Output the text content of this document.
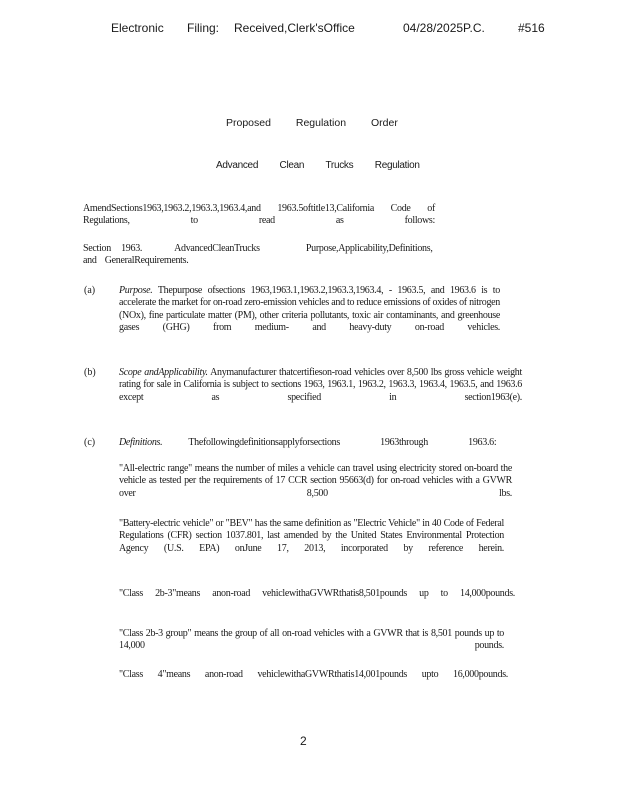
Electronic Filing: Received,Clerk'sOffice	04/28/2025P.C.	#516
Proposed Regulation Order
Advanced Clean Trucks Regulation
AmendSections1963,1963.2,1963.3,1963.4,and 1963.5oftitle13,California Code of Regulations, to read as follows:
Section 1963.	AdvancedCleanTrucks Purpose,Applicability,Definitions,
and GeneralRequirements.
(a) Purpose. Thepurpose ofsections 1963,1963.1,1963.2,1963.3,1963.4, - 1963.5, and 1963.6 is to accelerate the market for on-road zero-emission vehicles and to reduce emissions of oxides of nitrogen (NOx), fine particulate matter (PM), other criteria pollutants, toxic air contaminants, and greenhouse gases (GHG) from medium- and heavy-duty on-road vehicles.
(b) Scope andApplicability. Anymanufacturer thatcertifieson-road vehicles over 8,500 lbs gross vehicle weight rating for sale in California is subject to sections 1963, 1963.1, 1963.2, 1963.3, 1963.4, 1963.5, and 1963.6 except as specified in section1963(e).
(c) Definitions.	Thefollowingdefinitionsapplyforsections 1963through 1963.6:
"All-electric range" means the number of miles a vehicle can travel using electricity stored on-board the vehicle as tested per the requirements of 17 CCR section 95663(d) for on-road vehicles with a GVWR over 8,500 lbs.
"Battery-electric vehicle" or "BEV" has the same definition as "Electric Vehicle" in 40 Code of Federal Regulations (CFR) section 1037.801, last amended by the United States Environmental Protection Agency (U.S. EPA) onJune 17, 2013, incorporated by reference herein.
"Class 2b-3"means anon-road vehiclewithaGVWRthatis8,501pounds up to 14,000pounds.
"Class 2b-3 group" means the group of all on-road vehicles with a GVWR that is 8,501 pounds up to 14,000 pounds.
"Class 4"means anon-road vehiclewithaGVWRthatis14,001pounds upto 16,000pounds.
2
